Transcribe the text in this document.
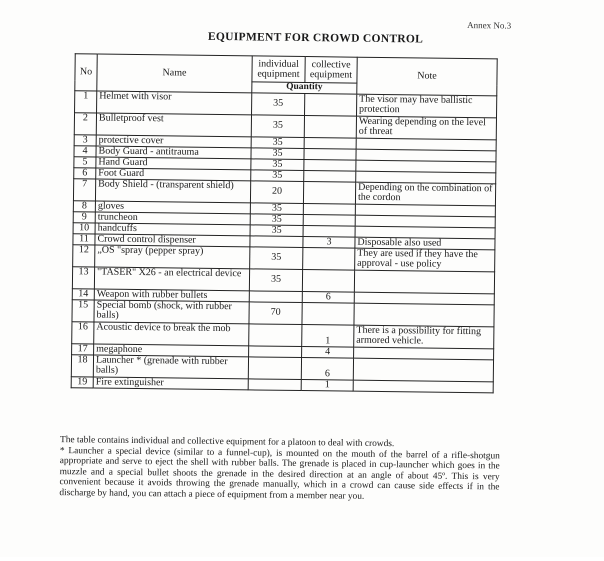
Annex No.3
EQUIPMENT FOR CROWD CONTROL
No	Name	individual equipment	collective equipment	Note
		Quantity		
1	Helmet with visor	35		The visor may have ballistic protection
2	Bulletproof vest	35		Wearing depending on the level of threat
3	protective cover	35		
4	Body Guard - antitrauma	35		
5	Hand Guard	35		
6	Foot Guard	35		
7	Body Shield - (transparent shield)	20		Depending on the combination of the cordon
8	gloves	35		
9	truncheon	35		
10	handcuffs	35		
11	Crowd control dispenser		3	Disposable also used
12	„OS "spray (pepper spray)	35		They are used if they have the approval - use policy
13	"TASER" X26 - an electrical device	35		
14	Weapon with rubber bullets		6	
15	Special bomb (shock, with rubber balls)	70		
16	Acoustic device to break the mob		1	There is a possibility for fitting armored vehicle.
17	megaphone		4	
18	Launcher * (grenade with rubber balls)		6	
19	Fire extinguisher		1	

The table contains individual and collective equipment for a platoon to deal with crowds.

* Launcher a special device (similar to a funnel-cup), is mounted on the mouth of the barrel of a rifle-shotgun appropriate and serve to eject the shell with rubber balls. The grenade is placed in cup-launcher which goes in the muzzle and a special bullet shoots the grenade in the desired direction at an angle of about 45º. This is very convenient because it avoids throwing the grenade manually, which in a crowd can cause side effects if in the discharge by hand, you can attach a piece of equipment from a member near you.
